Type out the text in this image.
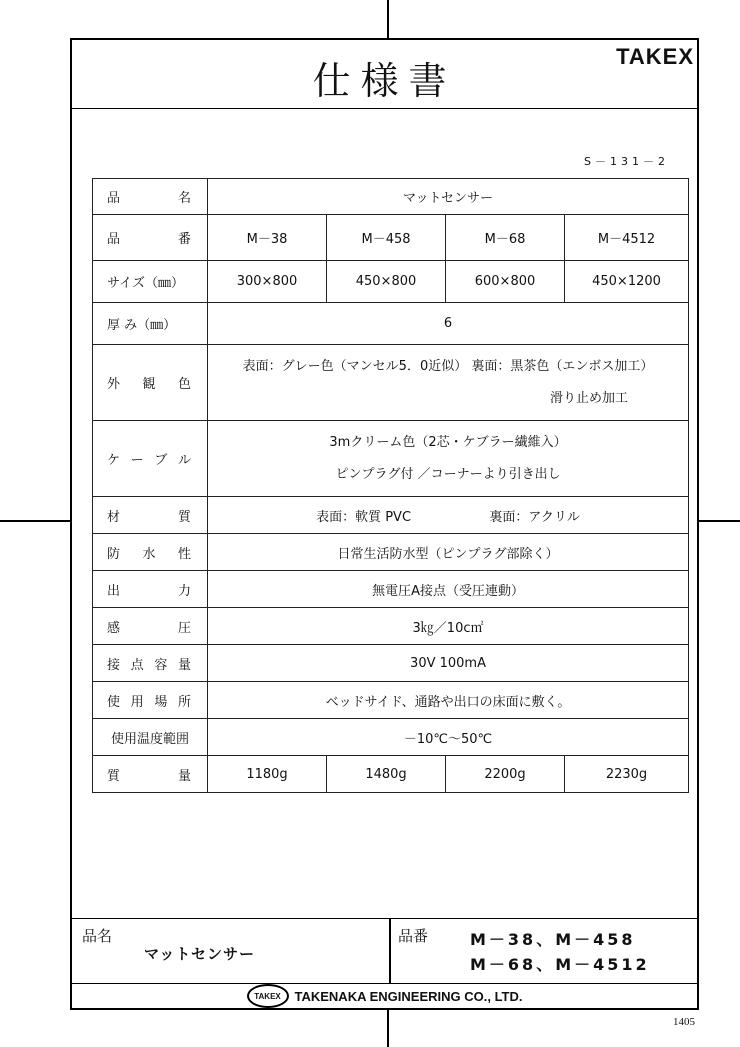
仕様書
TAKEX
S－131－2
品 名	マットセンサー			

品 番	M－38	M－458	M－68	M－4512
サイズ（㎜）	300×800	450×800	600×800	450×1200
厚 み（㎜）	6			

外 観 色	表面：グレー色（マンセル5．0近似） 裏面：黒茶色（エンボス加工）
滑り止め加工			

ケ ー ブ ル	3mクリーム色（2芯・ケブラー繊維入）
ピンプラグ付 ／コーナーより引き出し			

材 質	表面：軟質 PVC 裏面：アクリル			

防 水 性	日常生活防水型（ピンプラグ部除く）			

出 力	無電圧A接点（受圧連動）			

感 圧	3㎏／10c㎡			

接 点 容 量	30V 100mA			

使 用 場 所	ベッドサイド、通路や出口の床面に敷く。			
使用温度範囲	－10℃～50℃			

質 量	1180g	1480g	2200g	2230g
品名
マットセンサー
品番	M－38、M－458
M－68、M－4512
TAKEX	TAKENAKA ENGINEERING CO., LTD.
1405
